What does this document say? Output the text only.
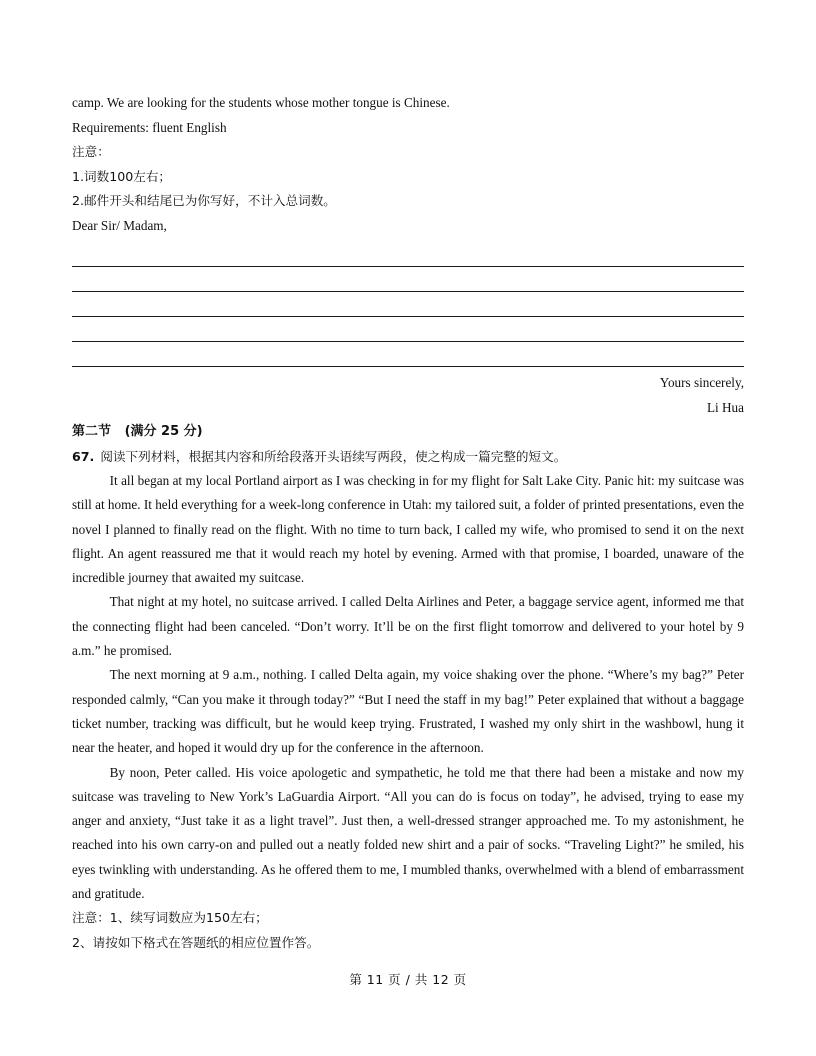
camp. We are looking for the students whose mother tongue is Chinese.
Requirements: fluent English
注意：
1.词数100左右；
2.邮件开头和结尾已为你写好，不计入总词数。
Dear Sir/ Madam,
Yours sincerely,
Li Hua
第二节 (满分 25 分)
67. 阅读下列材料，根据其内容和所给段落开头语续写两段，使之构成一篇完整的短文。
It all began at my local Portland airport as I was checking in for my flight for Salt Lake City. Panic hit: my suitcase was still at home. It held everything for a week-long conference in Utah: my tailored suit, a folder of printed presentations, even the novel I planned to finally read on the flight. With no time to turn back, I called my wife, who promised to send it on the next flight. An agent reassured me that it would reach my hotel by evening. Armed with that promise, I boarded, unaware of the incredible journey that awaited my suitcase.
That night at my hotel, no suitcase arrived. I called Delta Airlines and Peter, a baggage service agent, informed me that the connecting flight had been canceled. “Don’t worry. It’ll be on the first flight tomorrow and delivered to your hotel by 9 a.m.” he promised.
The next morning at 9 a.m., nothing. I called Delta again, my voice shaking over the phone. “Where’s my bag?” Peter responded calmly, “Can you make it through today?” “But I need the staff in my bag!” Peter explained that without a baggage ticket number, tracking was difficult, but he would keep trying. Frustrated, I washed my only shirt in the washbowl, hung it near the heater, and hoped it would dry up for the conference in the afternoon.
By noon, Peter called. His voice apologetic and sympathetic, he told me that there had been a mistake and now my suitcase was traveling to New York’s LaGuardia Airport. “All you can do is focus on today”, he advised, trying to ease my anger and anxiety, “Just take it as a light travel”. Just then, a well-dressed stranger approached me. To my astonishment, he reached into his own carry-on and pulled out a neatly folded new shirt and a pair of socks. “Traveling Light?” he smiled, his eyes twinkling with understanding. As he offered them to me, I mumbled thanks, overwhelmed with a blend of embarrassment and gratitude.
注意：1、续写词数应为150左右；
2、请按如下格式在答题纸的相应位置作答。
第 11 页 / 共 12 页
